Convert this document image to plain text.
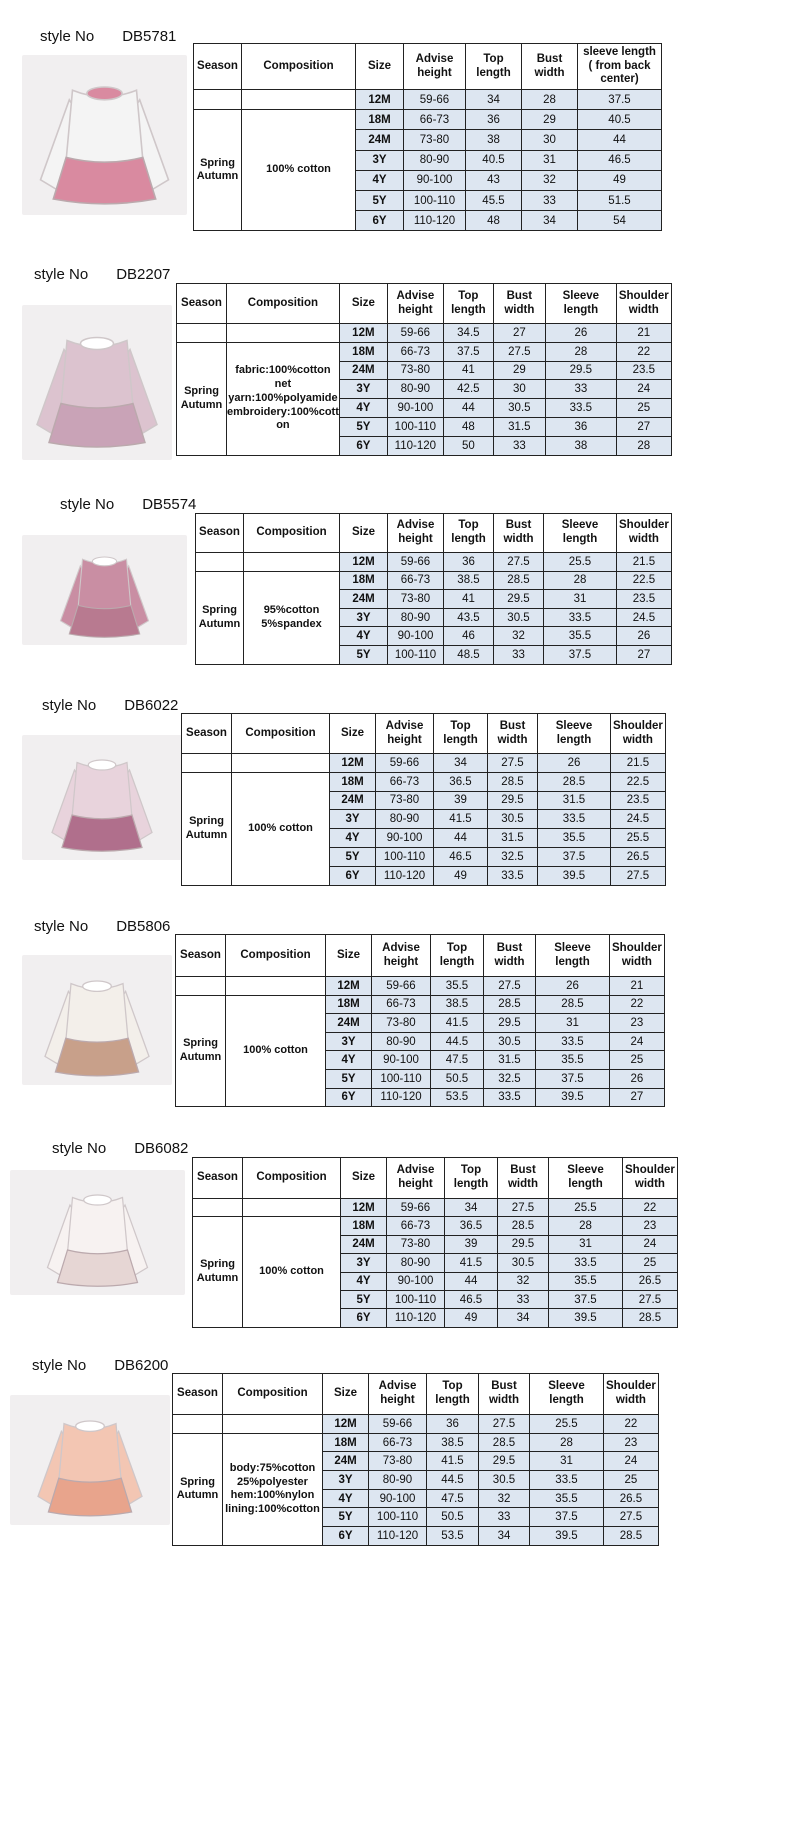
style No DB5781
Season	Composition	Size	Advise height	Top length	Bust width	sleeve length ( from back center)
		12M	59-66	34	28	37.5
Spring Autumn	100% cotton	18M	66-73	36	29	40.5
		24M	73-80	38	30	44
		3Y	80-90	40.5	31	46.5
		4Y	90-100	43	32	49
		5Y	100-110	45.5	33	51.5
		6Y	110-120	48	34	54
style No DB2207
Season	Composition	Size	Advise height	Top length	Bust width	Sleeve length	Shoulder width
		12M	59-66	34.5	27	26	21
Spring Autumn	fabric:100%cotton net yarn:100%polyamide embroidery:100%cott on	18M	66-73	37.5	27.5	28	22
		24M	73-80	41	29	29.5	23.5
		3Y	80-90	42.5	30	33	24
		4Y	90-100	44	30.5	33.5	25
		5Y	100-110	48	31.5	36	27
		6Y	110-120	50	33	38	28
style No DB5574
Season	Composition	Size	Advise height	Top length	Bust width	Sleeve length	Shoulder width
		12M	59-66	36	27.5	25.5	21.5
Spring Autumn	95%cotton 5%spandex	18M	66-73	38.5	28.5	28	22.5
		24M	73-80	41	29.5	31	23.5
		3Y	80-90	43.5	30.5	33.5	24.5
		4Y	90-100	46	32	35.5	26
		5Y	100-110	48.5	33	37.5	27
style No DB6022
Season	Composition	Size	Advise height	Top length	Bust width	Sleeve length	Shoulder width
		12M	59-66	34	27.5	26	21.5
Spring Autumn	100% cotton	18M	66-73	36.5	28.5	28.5	22.5
		24M	73-80	39	29.5	31.5	23.5
		3Y	80-90	41.5	30.5	33.5	24.5
		4Y	90-100	44	31.5	35.5	25.5
		5Y	100-110	46.5	32.5	37.5	26.5
		6Y	110-120	49	33.5	39.5	27.5
style No DB5806
Season	Composition	Size	Advise height	Top length	Bust width	Sleeve length	Shoulder width
		12M	59-66	35.5	27.5	26	21
Spring Autumn	100% cotton	18M	66-73	38.5	28.5	28.5	22
		24M	73-80	41.5	29.5	31	23
		3Y	80-90	44.5	30.5	33.5	24
		4Y	90-100	47.5	31.5	35.5	25
		5Y	100-110	50.5	32.5	37.5	26
		6Y	110-120	53.5	33.5	39.5	27
style No DB6082
Season	Composition	Size	Advise height	Top length	Bust width	Sleeve length	Shoulder width
		12M	59-66	34	27.5	25.5	22
Spring Autumn	100% cotton	18M	66-73	36.5	28.5	28	23
		24M	73-80	39	29.5	31	24
		3Y	80-90	41.5	30.5	33.5	25
		4Y	90-100	44	32	35.5	26.5
		5Y	100-110	46.5	33	37.5	27.5
		6Y	110-120	49	34	39.5	28.5
style No DB6200
Season	Composition	Size	Advise height	Top length	Bust width	Sleeve length	Shoulder width
		12M	59-66	36	27.5	25.5	22
Spring Autumn	body:75%cotton 25%polyester hem:100%nylon lining:100%cotton	18M	66-73	38.5	28.5	28	23
		24M	73-80	41.5	29.5	31	24
		3Y	80-90	44.5	30.5	33.5	25
		4Y	90-100	47.5	32	35.5	26.5
		5Y	100-110	50.5	33	37.5	27.5
		6Y	110-120	53.5	34	39.5	28.5
